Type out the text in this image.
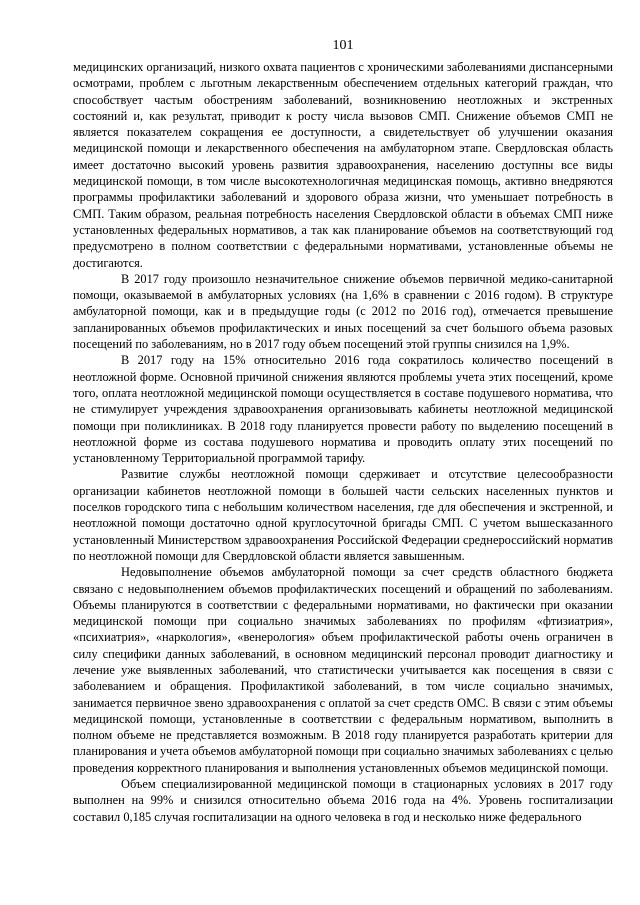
101

медицинских организаций, низкого охвата пациентов с хроническими заболеваниями диспансерными осмотрами, проблем с льготным лекарственным обеспечением отдельных категорий граждан, что способствует частым обострениям заболеваний, возникновению неотложных и экстренных состояний и, как результат, приводит к росту числа вызовов СМП. Снижение объемов СМП не является показателем сокращения ее доступности, а свидетельствует об улучшении оказания медицинской помощи и лекарственного обеспечения на амбулаторном этапе. Свердловская область имеет достаточно высокий уровень развития здравоохранения, населению доступны все виды медицинской помощи, в том числе высокотехнологичная медицинская помощь, активно внедряются программы профилактики заболеваний и здорового образа жизни, что уменьшает потребность в СМП. Таким образом, реальная потребность населения Свердловской области в объемах СМП ниже установленных федеральных нормативов, а так как планирование объемов на соответствующий год предусмотрено в полном соответствии с федеральными нормативами, установленные объемы не достигаются.

В 2017 году произошло незначительное снижение объемов первичной медико-санитарной помощи, оказываемой в амбулаторных условиях (на 1,6% в сравнении с 2016 годом). В структуре амбулаторной помощи, как и в предыдущие годы (с 2012 по 2016 год), отмечается превышение запланированных объемов профилактических и иных посещений за счет большого объема разовых посещений по заболеваниям, но в 2017 году объем посещений этой группы снизился на 1,9%.

В 2017 году на 15% относительно 2016 года сократилось количество посещений в неотложной форме. Основной причиной снижения являются проблемы учета этих посещений, кроме того, оплата неотложной медицинской помощи осуществляется в составе подушевого норматива, что не стимулирует учреждения здравоохранения организовывать кабинеты неотложной медицинской помощи при поликлиниках. В 2018 году планируется провести работу по выделению посещений в неотложной форме из состава подушевого норматива и проводить оплату этих посещений по установленному Территориальной программой тарифу.

Развитие службы неотложной помощи сдерживает и отсутствие целесообразности организации кабинетов неотложной помощи в большей части сельских населенных пунктов и поселков городского типа с небольшим количеством населения, где для обеспечения и экстренной, и неотложной помощи достаточно одной круглосуточной бригады СМП. С учетом вышесказанного установленный Министерством здравоохранения Российской Федерации среднероссийский норматив по неотложной помощи для Свердловской области является завышенным.

Недовыполнение объемов амбулаторной помощи за счет средств областного бюджета связано с недовыполнением объемов профилактических посещений и обращений по заболеваниям. Объемы планируются в соответствии с федеральными нормативами, но фактически при оказании медицинской помощи при социально значимых заболеваниях по профилям «фтизиатрия», «психиатрия», «наркология», «венерология» объем профилактической работы очень ограничен в силу специфики данных заболеваний, в основном медицинский персонал проводит диагностику и лечение уже выявленных заболеваний, что статистически учитывается как посещения в связи с заболеванием и обращения. Профилактикой заболеваний, в том числе социально значимых, занимается первичное звено здравоохранения с оплатой за счет средств ОМС. В связи с этим объемы медицинской помощи, установленные в соответствии с федеральным нормативом, выполнить в полном объеме не представляется возможным. В 2018 году планируется разработать критерии для планирования и учета объемов амбулаторной помощи при социально значимых заболеваниях с целью проведения корректного планирования и выполнения установленных объемов медицинской помощи.

Объем специализированной медицинской помощи в стационарных условиях в 2017 году выполнен на 99% и снизился относительно объема 2016 года на 4%. Уровень госпитализации составил 0,185 случая госпитализации на одного человека в год и несколько ниже федерального
